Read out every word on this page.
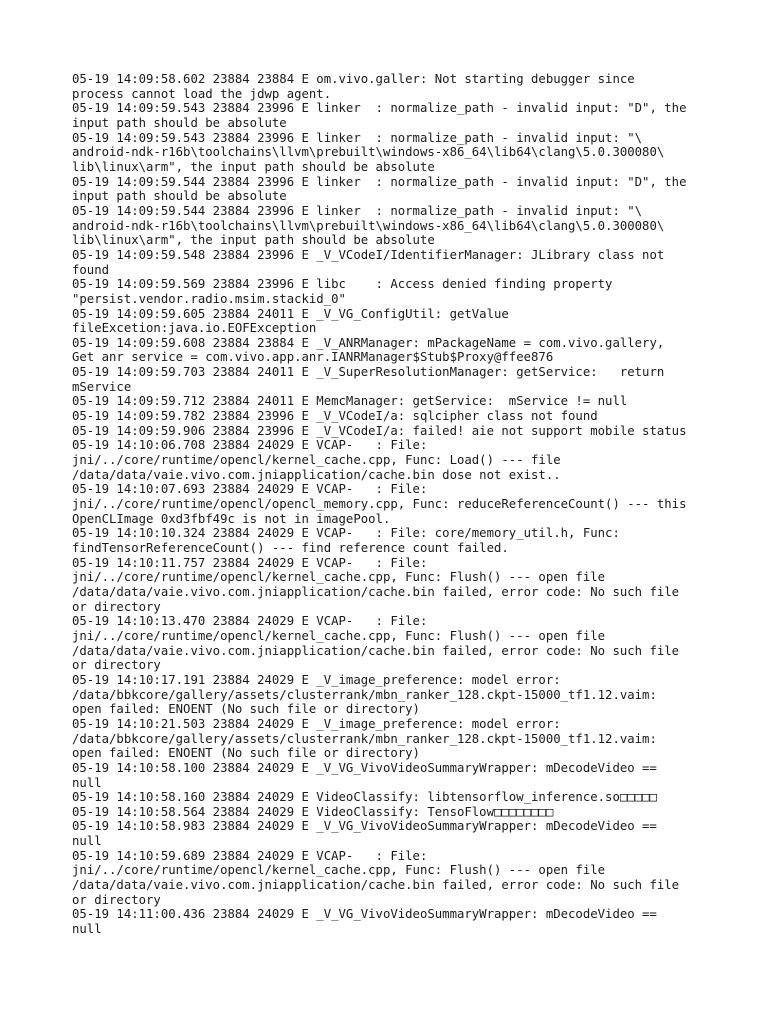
05-19 14:09:58.602 23884 23884 E om.vivo.galler: Not starting debugger since
process cannot load the jdwp agent.

05-19 14:09:59.543 23884 23996 E linker  : normalize_path - invalid input: "D", the
input path should be absolute

05-19 14:09:59.543 23884 23996 E linker  : normalize_path - invalid input: "\
android-ndk-r16b\toolchains\llvm\prebuilt\windows-x86_64\lib64\clang\5.0.300080\
lib\linux\arm", the input path should be absolute

05-19 14:09:59.544 23884 23996 E linker  : normalize_path - invalid input: "D", the
input path should be absolute

05-19 14:09:59.544 23884 23996 E linker  : normalize_path - invalid input: "\
android-ndk-r16b\toolchains\llvm\prebuilt\windows-x86_64\lib64\clang\5.0.300080\
lib\linux\arm", the input path should be absolute

05-19 14:09:59.548 23884 23996 E _V_VCodeI/IdentifierManager: JLibrary class not
found

05-19 14:09:59.569 23884 23996 E libc    : Access denied finding property
"persist.vendor.radio.msim.stackid_0"

05-19 14:09:59.605 23884 24011 E _V_VG_ConfigUtil: getValue
fileExcetion:java.io.EOFException

05-19 14:09:59.608 23884 23884 E _V_ANRManager: mPackageName = com.vivo.gallery,
Get anr service = com.vivo.app.anr.IANRManager$Stub$Proxy@ffee876

05-19 14:09:59.703 23884 24011 E _V_SuperResolutionManager: getService:   return
mService

05-19 14:09:59.712 23884 24011 E MemcManager: getService:  mService != null

05-19 14:09:59.782 23884 23996 E _V_VCodeI/a: sqlcipher class not found

05-19 14:09:59.906 23884 23996 E _V_VCodeI/a: failed! aie not support mobile status

05-19 14:10:06.708 23884 24029 E VCAP-   : File:
jni/../core/runtime/opencl/kernel_cache.cpp, Func: Load() --- file
/data/data/vaie.vivo.com.jniapplication/cache.bin dose not exist..

05-19 14:10:07.693 23884 24029 E VCAP-   : File:
jni/../core/runtime/opencl/opencl_memory.cpp, Func: reduceReferenceCount() --- this
OpenCLImage 0xd3fbf49c is not in imagePool.

05-19 14:10:10.324 23884 24029 E VCAP-   : File: core/memory_util.h, Func:
findTensorReferenceCount() --- find reference count failed.

05-19 14:10:11.757 23884 24029 E VCAP-   : File:
jni/../core/runtime/opencl/kernel_cache.cpp, Func: Flush() --- open file
/data/data/vaie.vivo.com.jniapplication/cache.bin failed, error code: No such file
or directory

05-19 14:10:13.470 23884 24029 E VCAP-   : File:
jni/../core/runtime/opencl/kernel_cache.cpp, Func: Flush() --- open file
/data/data/vaie.vivo.com.jniapplication/cache.bin failed, error code: No such file
or directory

05-19 14:10:17.191 23884 24029 E _V_image_preference: model error:
/data/bbkcore/gallery/assets/clusterrank/mbn_ranker_128.ckpt-15000_tf1.12.vaim:
open failed: ENOENT (No such file or directory)

05-19 14:10:21.503 23884 24029 E _V_image_preference: model error:
/data/bbkcore/gallery/assets/clusterrank/mbn_ranker_128.ckpt-15000_tf1.12.vaim:
open failed: ENOENT (No such file or directory)

05-19 14:10:58.100 23884 24029 E _V_VG_VivoVideoSummaryWrapper: mDecodeVideo ==
null

05-19 14:10:58.160 23884 24029 E VideoClassify: libtensorflow_inference.so□□□□□

05-19 14:10:58.564 23884 24029 E VideoClassify: TensoFlow□□□□□□□□

05-19 14:10:58.983 23884 24029 E _V_VG_VivoVideoSummaryWrapper: mDecodeVideo ==
null

05-19 14:10:59.689 23884 24029 E VCAP-   : File:
jni/../core/runtime/opencl/kernel_cache.cpp, Func: Flush() --- open file
/data/data/vaie.vivo.com.jniapplication/cache.bin failed, error code: No such file
or directory

05-19 14:11:00.436 23884 24029 E _V_VG_VivoVideoSummaryWrapper: mDecodeVideo ==
null
